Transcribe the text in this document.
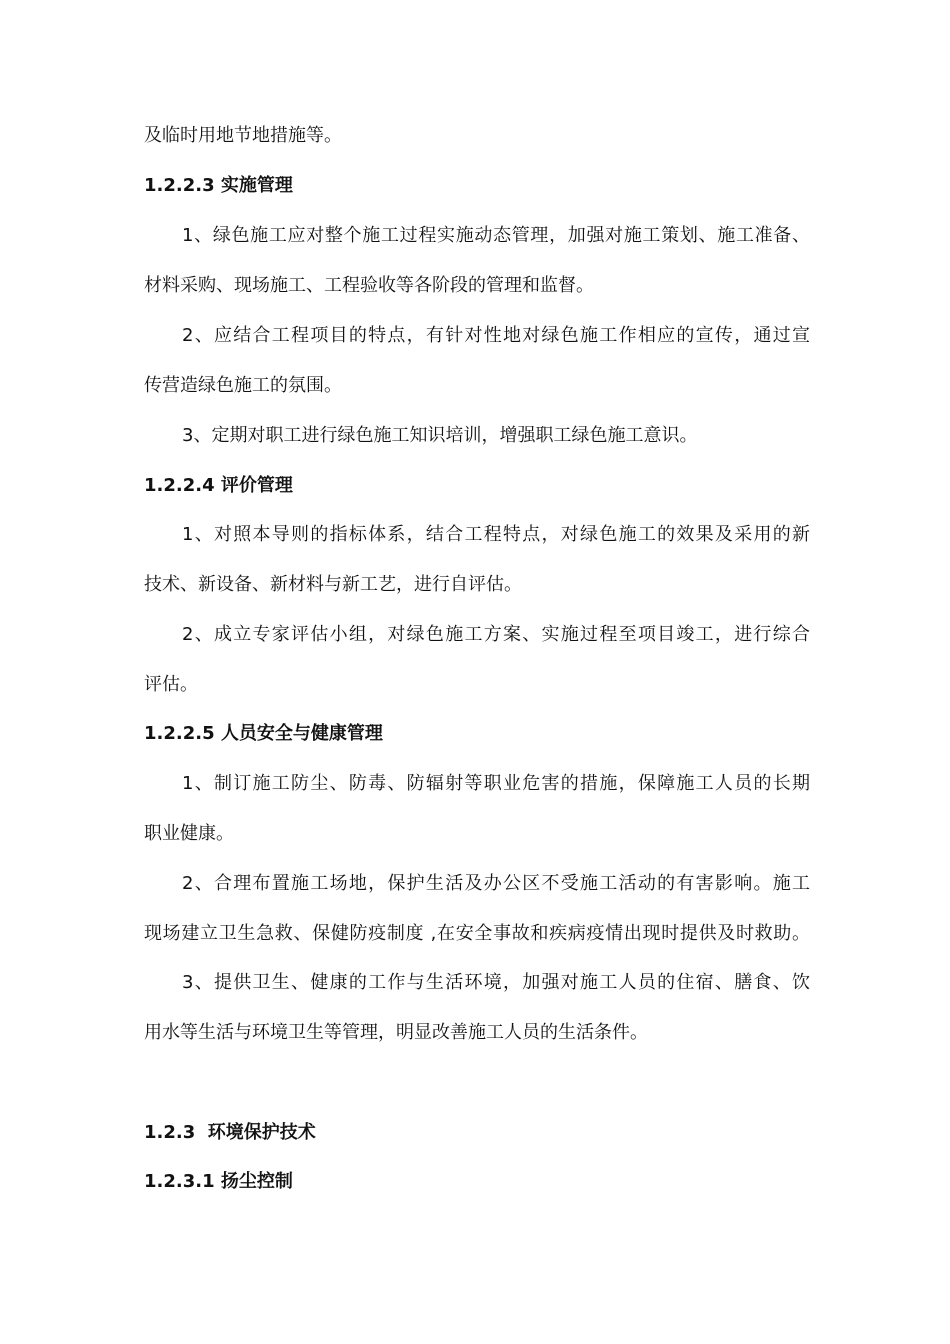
及临时用地节地措施等。
1.2.2.3 实施管理
1、绿色施工应对整个施工过程实施动态管理，加强对施工策划、施工准备、
材料采购、现场施工、工程验收等各阶段的管理和监督。
2、应结合工程项目的特点，有针对性地对绿色施工作相应的宣传，通过宣
传营造绿色施工的氛围。
3、定期对职工进行绿色施工知识培训，增强职工绿色施工意识。
1.2.2.4 评价管理
1、对照本导则的指标体系，结合工程特点，对绿色施工的效果及采用的新
技术、新设备、新材料与新工艺，进行自评估。
2、成立专家评估小组，对绿色施工方案、实施过程至项目竣工，进行综合
评估。
1.2.2.5 人员安全与健康管理
1、制订施工防尘、防毒、防辐射等职业危害的措施，保障施工人员的长期
职业健康。
2、合理布置施工场地，保护生活及办公区不受施工活动的有害影响。施工
现场建立卫生急救、保健防疫制度 ,在安全事故和疾病疫情出现时提供及时救助。
3、提供卫生、健康的工作与生活环境，加强对施工人员的住宿、膳食、饮
用水等生活与环境卫生等管理，明显改善施工人员的生活条件。
1.2.3  环境保护技术
1.2.3.1 扬尘控制
